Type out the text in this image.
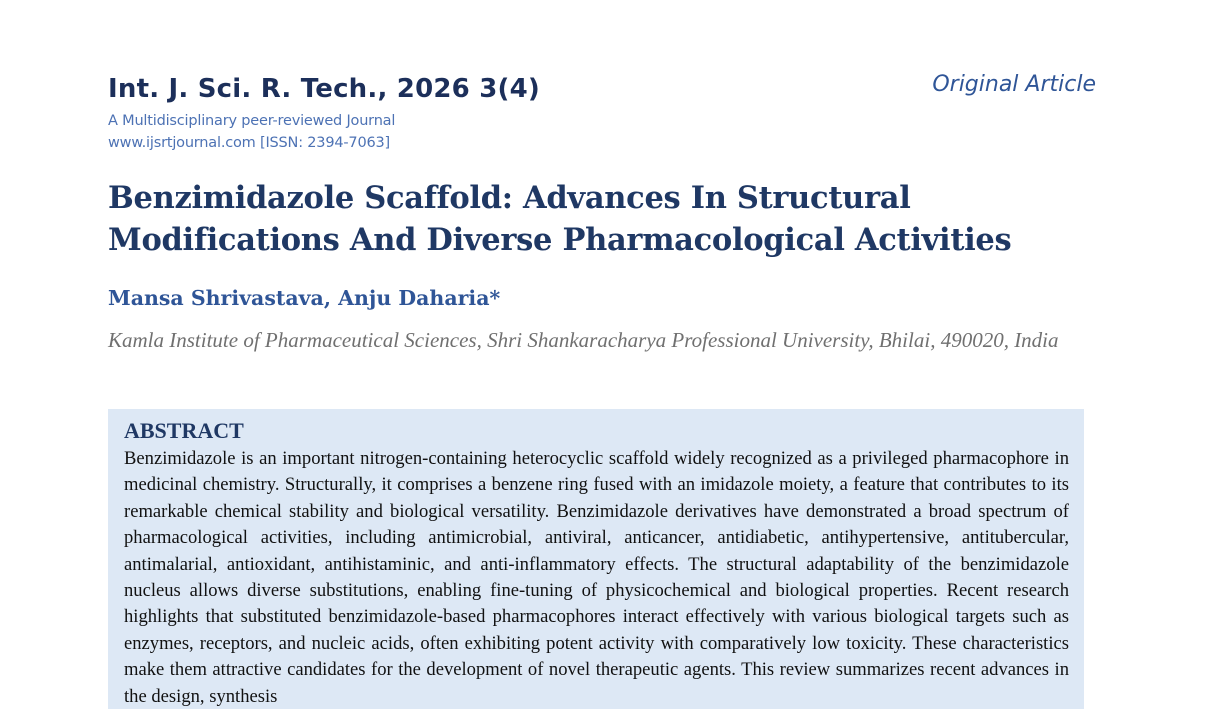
Int. J. Sci. R. Tech., 2026 3(4)
A Multidisciplinary peer-reviewed Journal
www.ijsrtjournal.com [ISSN: 2394-7063]
Original Article
Benzimidazole Scaffold: Advances In Structural Modifications And Diverse Pharmacological Activities
Mansa Shrivastava, Anju Daharia*
Kamla Institute of Pharmaceutical Sciences, Shri Shankaracharya Professional University, Bhilai, 490020, India
ABSTRACT

Benzimidazole is an important nitrogen-containing heterocyclic scaffold widely recognized as a privileged pharmacophore in medicinal chemistry. Structurally, it comprises a benzene ring fused with an imidazole moiety, a feature that contributes to its remarkable chemical stability and biological versatility. Benzimidazole derivatives have demonstrated a broad spectrum of pharmacological activities, including antimicrobial, antiviral, anticancer, antidiabetic, antihypertensive, antitubercular, antimalarial, antioxidant, antihistaminic, and anti-inflammatory effects. The structural adaptability of the benzimidazole nucleus allows diverse substitutions, enabling fine-tuning of physicochemical and biological properties. Recent research highlights that substituted benzimidazole-based pharmacophores interact effectively with various biological targets such as enzymes, receptors, and nucleic acids, often exhibiting potent activity with comparatively low toxicity. These characteristics make them attractive candidates for the development of novel therapeutic agents. This review summarizes recent advances in the design, synthesis
